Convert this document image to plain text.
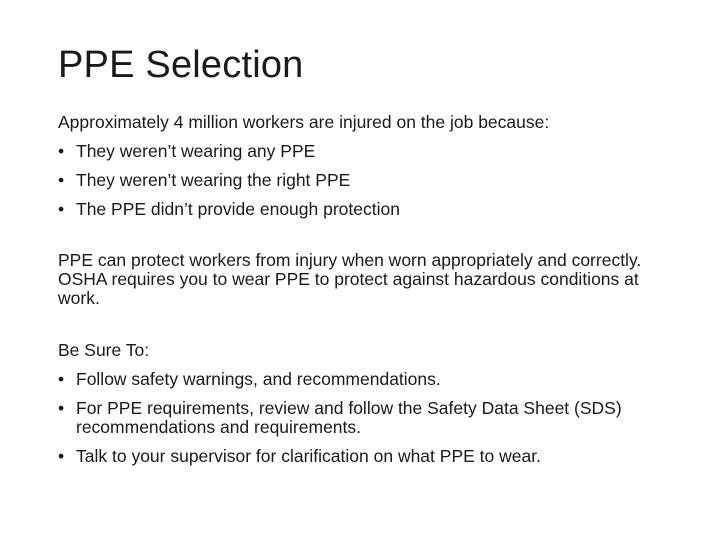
PPE Selection

Approximately 4 million workers are injured on the job because:

• They weren’t wearing any PPE
• They weren’t wearing the right PPE
• The PPE didn’t provide enough protection

PPE can protect workers from injury when worn appropriately and correctly. OSHA requires you to wear PPE to protect against hazardous conditions at work.

Be Sure To:

• Follow safety warnings, and recommendations.
• For PPE requirements, review and follow the Safety Data Sheet (SDS) recommendations and requirements.
• Talk to your supervisor for clarification on what PPE to wear.
